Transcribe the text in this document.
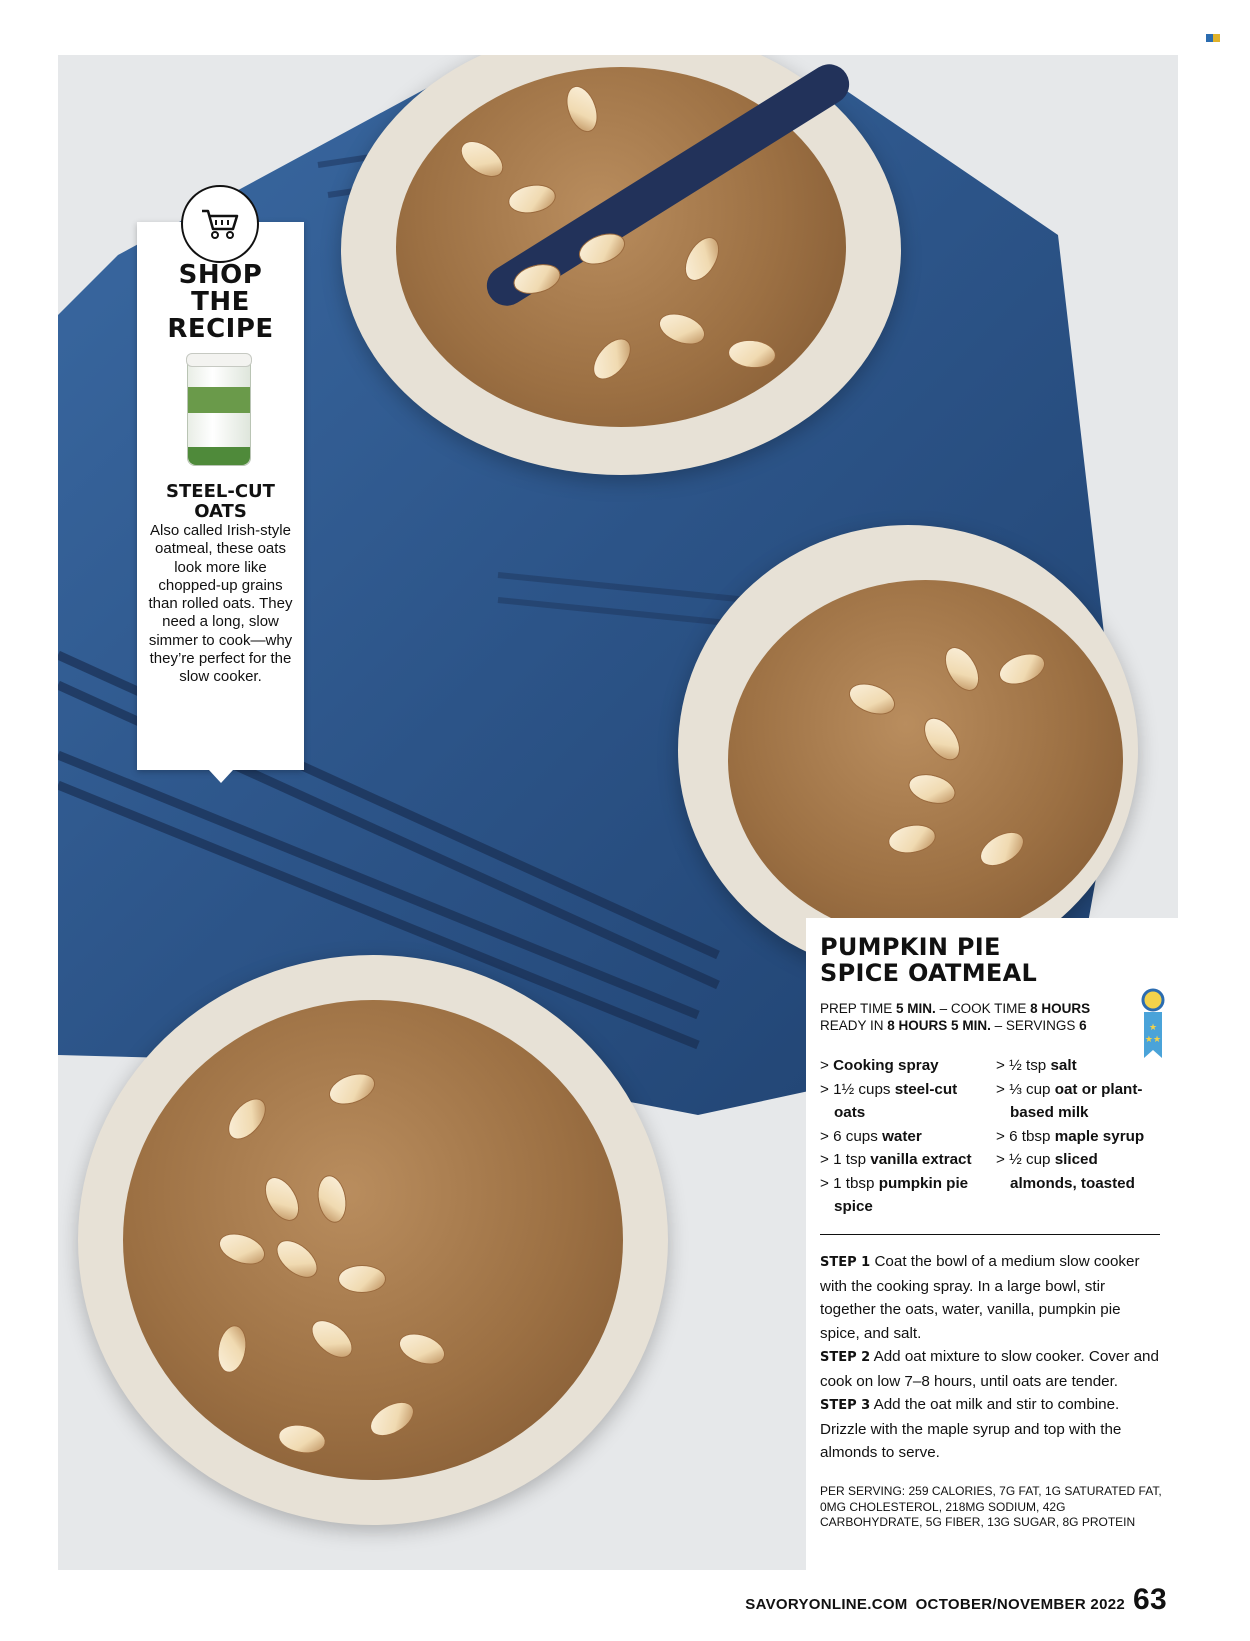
SHOP
THE
RECIPE
STEEL-CUT OATS
Also called Irish-style oatmeal, these oats look more like chopped-up grains than rolled oats. They need a long, slow simmer to cook—why they’re perfect for the slow cooker.
PUMPKIN PIE
SPICE OATMEAL
★
★★
PREP TIME 5 MIN. – COOK TIME 8 HOURS
READY IN 8 HOURS 5 MIN. – SERVINGS 6
> Cooking spray
> 1½ cups steel-cut
oats
> 6 cups water
> 1 tsp vanilla extract
> 1 tbsp pumpkin pie
spice
> ½ tsp salt
> ⅓ cup oat or plant-
based milk
> 6 tbsp maple syrup
> ½ cup sliced
almonds, toasted
STEP 1 Coat the bowl of a medium slow cooker with the cooking spray. In a large bowl, stir together the oats, water, vanilla, pumpkin pie spice, and salt.
STEP 2 Add oat mixture to slow cooker. Cover and cook on low 7–8 hours, until oats are tender.
STEP 3 Add the oat milk and stir to combine. Drizzle with the maple syrup and top with the almonds to serve.
PER SERVING: 259 CALORIES, 7G FAT, 1G SATURATED FAT, 0MG CHOLESTEROL, 218MG SODIUM, 42G CARBOHYDRATE, 5G FIBER, 13G SUGAR, 8G PROTEIN
SAVORYONLINE.COM OCTOBER/NOVEMBER 2022 63
